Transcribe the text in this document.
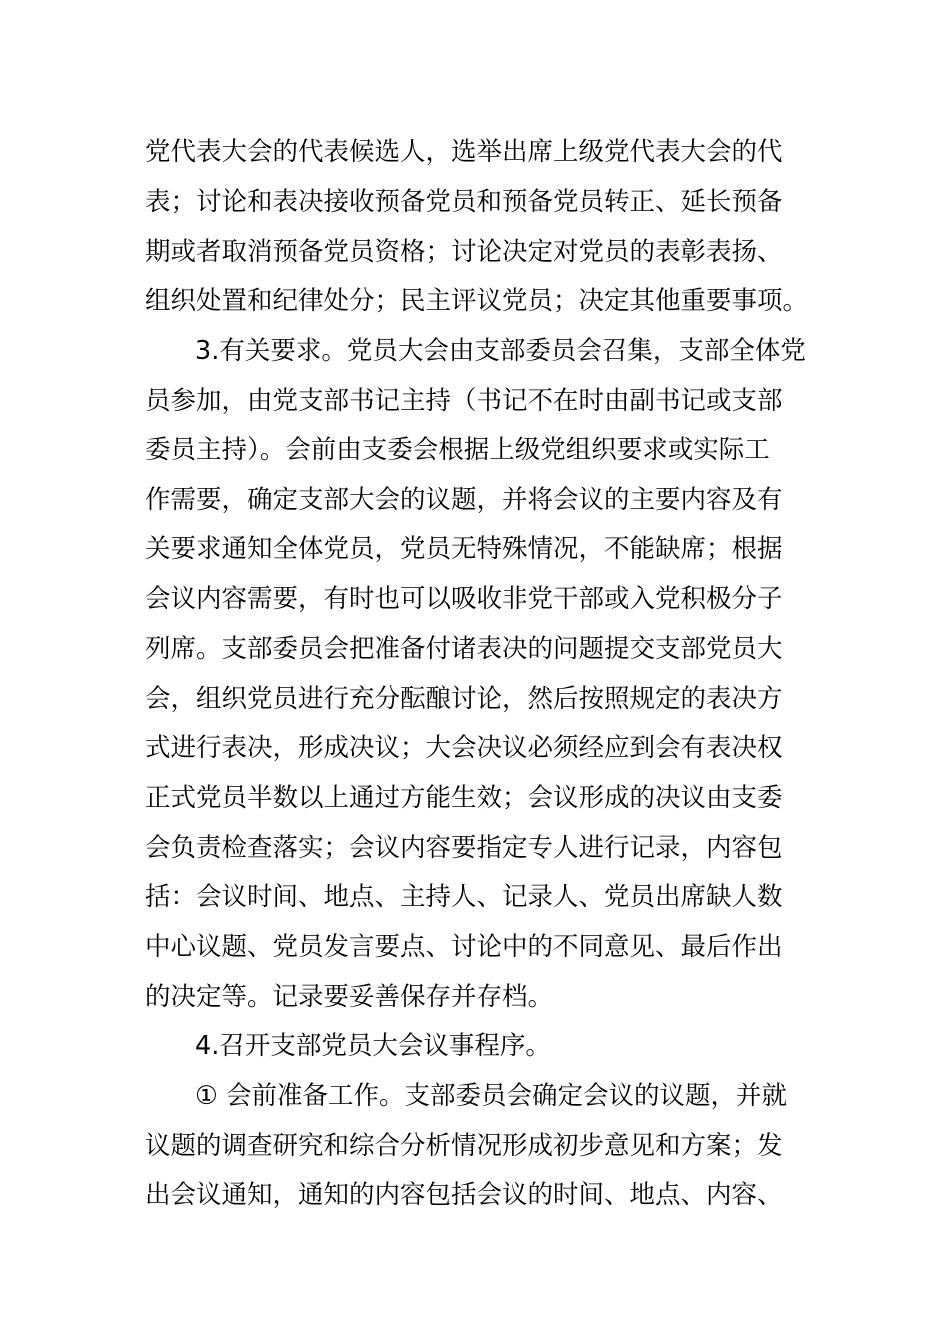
党代表大会的代表候选人，选举出席上级党代表大会的代
表；讨论和表决接收预备党员和预备党员转正、延长预备
期或者取消预备党员资格；讨论决定对党员的表彰表扬、
组织处置和纪律处分；民主评议党员；决定其他重要事项。
3.有关要求。党员大会由支部委员会召集，支部全体党
员参加，由党支部书记主持（书记不在时由副书记或支部
委员主持）。会前由支委会根据上级党组织要求或实际工
作需要，确定支部大会的议题，并将会议的主要内容及有
关要求通知全体党员，党员无特殊情况，不能缺席；根据
会议内容需要，有时也可以吸收非党干部或入党积极分子
列席。支部委员会把准备付诸表决的问题提交支部党员大
会，组织党员进行充分酝酿讨论，然后按照规定的表决方
式进行表决，形成决议；大会决议必须经应到会有表决权
正式党员半数以上通过方能生效；会议形成的决议由支委
会负责检查落实；会议内容要指定专人进行记录，内容包
括：会议时间、地点、主持人、记录人、党员出席缺人数
中心议题、党员发言要点、讨论中的不同意见、最后作出
的决定等。记录要妥善保存并存档。
4.召开支部党员大会议事程序。
① 会前准备工作。支部委员会确定会议的议题，并就
议题的调查研究和综合分析情况形成初步意见和方案；发
出会议通知，通知的内容包括会议的时间、地点、内容、
